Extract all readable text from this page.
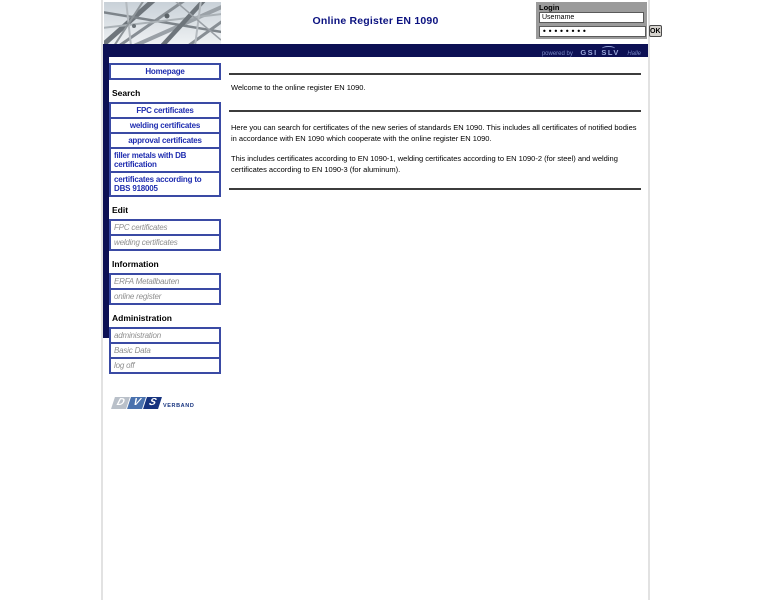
Online Register EN 1090
Login
Username
••••••••
OK
powered by GSI SLV Halle
Homepage
Search
FPC certificates
welding certificates
approval certificates
filler metals with DB certification
certificates according to DBS 918005
Edit
FPC certificates
welding certificates
Information
ERFA Metallbauten
online register
Administration
administration
Basic Data
log off
D V S VERBAND

Welcome to the online register EN 1090.

Here you can search for certificates of the new series of standards EN 1090. This includes all certificates of notified bodies in accordance with EN 1090 which cooperate with the online register EN 1090.

This includes certificates according to EN 1090-1, welding certificates according to EN 1090-2 (for steel) and welding certificates according to EN 1090-3 (for aluminum).
